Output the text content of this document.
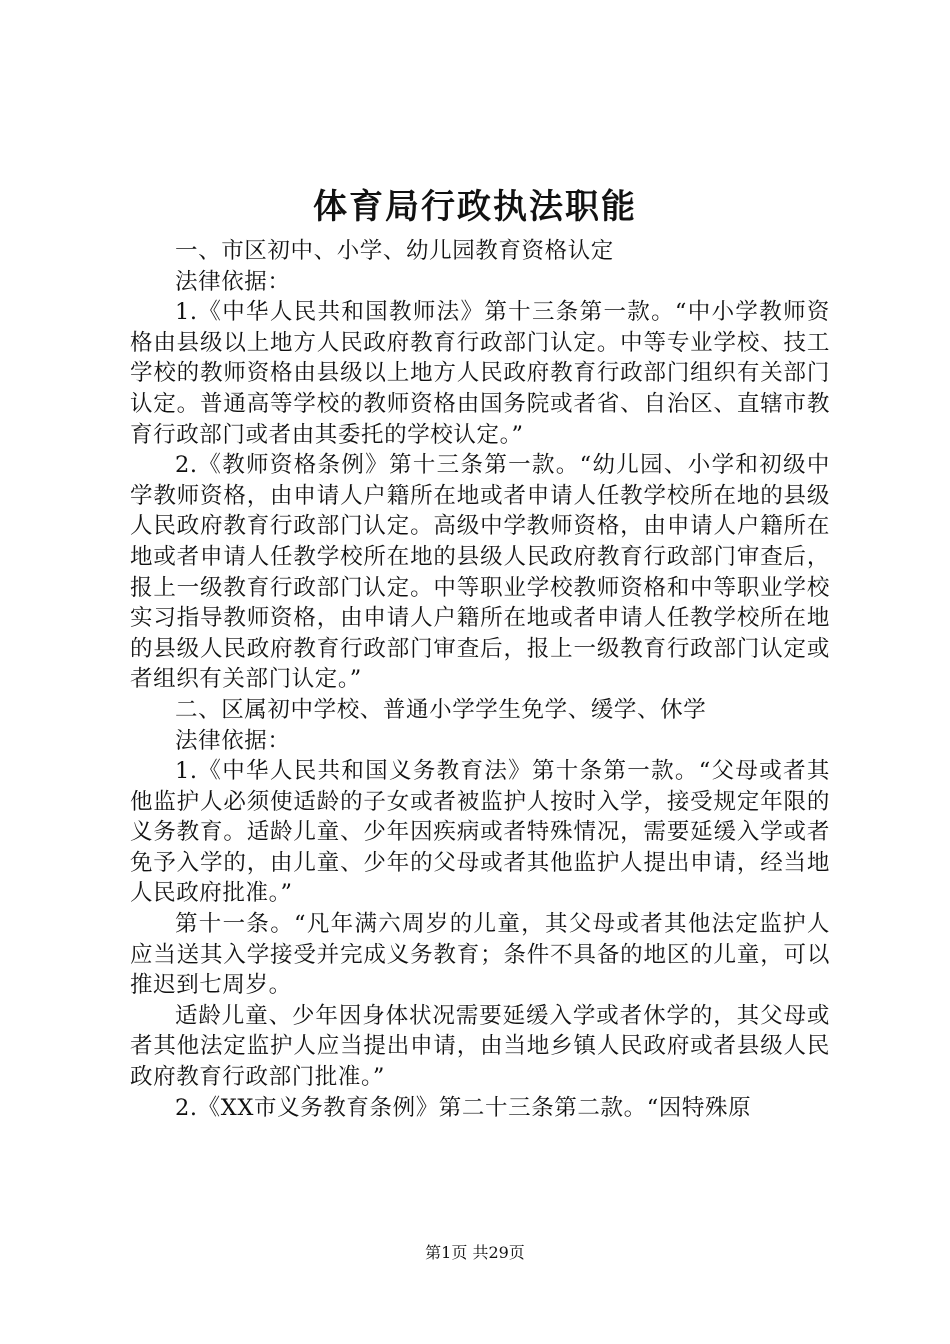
体育局行政执法职能

一、市区初中、小学、幼儿园教育资格认定

法律依据：

1.《中华人民共和国教师法》第十三条第一款。“中小学教师资格由县级以上地方人民政府教育行政部门认定。中等专业学校、技工学校的教师资格由县级以上地方人民政府教育行政部门组织有关部门认定。普通高等学校的教师资格由国务院或者省、自治区、直辖市教育行政部门或者由其委托的学校认定。”

2.《教师资格条例》第十三条第一款。“幼儿园、小学和初级中学教师资格，由申请人户籍所在地或者申请人任教学校所在地的县级人民政府教育行政部门认定。高级中学教师资格，由申请人户籍所在地或者申请人任教学校所在地的县级人民政府教育行政部门审查后，报上一级教育行政部门认定。中等职业学校教师资格和中等职业学校实习指导教师资格，由申请人户籍所在地或者申请人任教学校所在地的县级人民政府教育行政部门审查后，报上一级教育行政部门认定或者组织有关部门认定。”

二、区属初中学校、普通小学学生免学、缓学、休学

法律依据：

1.《中华人民共和国义务教育法》第十条第一款。“父母或者其他监护人必须使适龄的子女或者被监护人按时入学，接受规定年限的义务教育。适龄儿童、少年因疾病或者特殊情况，需要延缓入学或者免予入学的，由儿童、少年的父母或者其他监护人提出申请，经当地人民政府批准。”

第十一条。“凡年满六周岁的儿童，其父母或者其他法定监护人应当送其入学接受并完成义务教育；条件不具备的地区的儿童，可以推迟到七周岁。

适龄儿童、少年因身体状况需要延缓入学或者休学的，其父母或者其他法定监护人应当提出申请，由当地乡镇人民政府或者县级人民政府教育行政部门批准。”

2.《XX市义务教育条例》第二十三条第二款。“因特殊原

第1页 共29页
